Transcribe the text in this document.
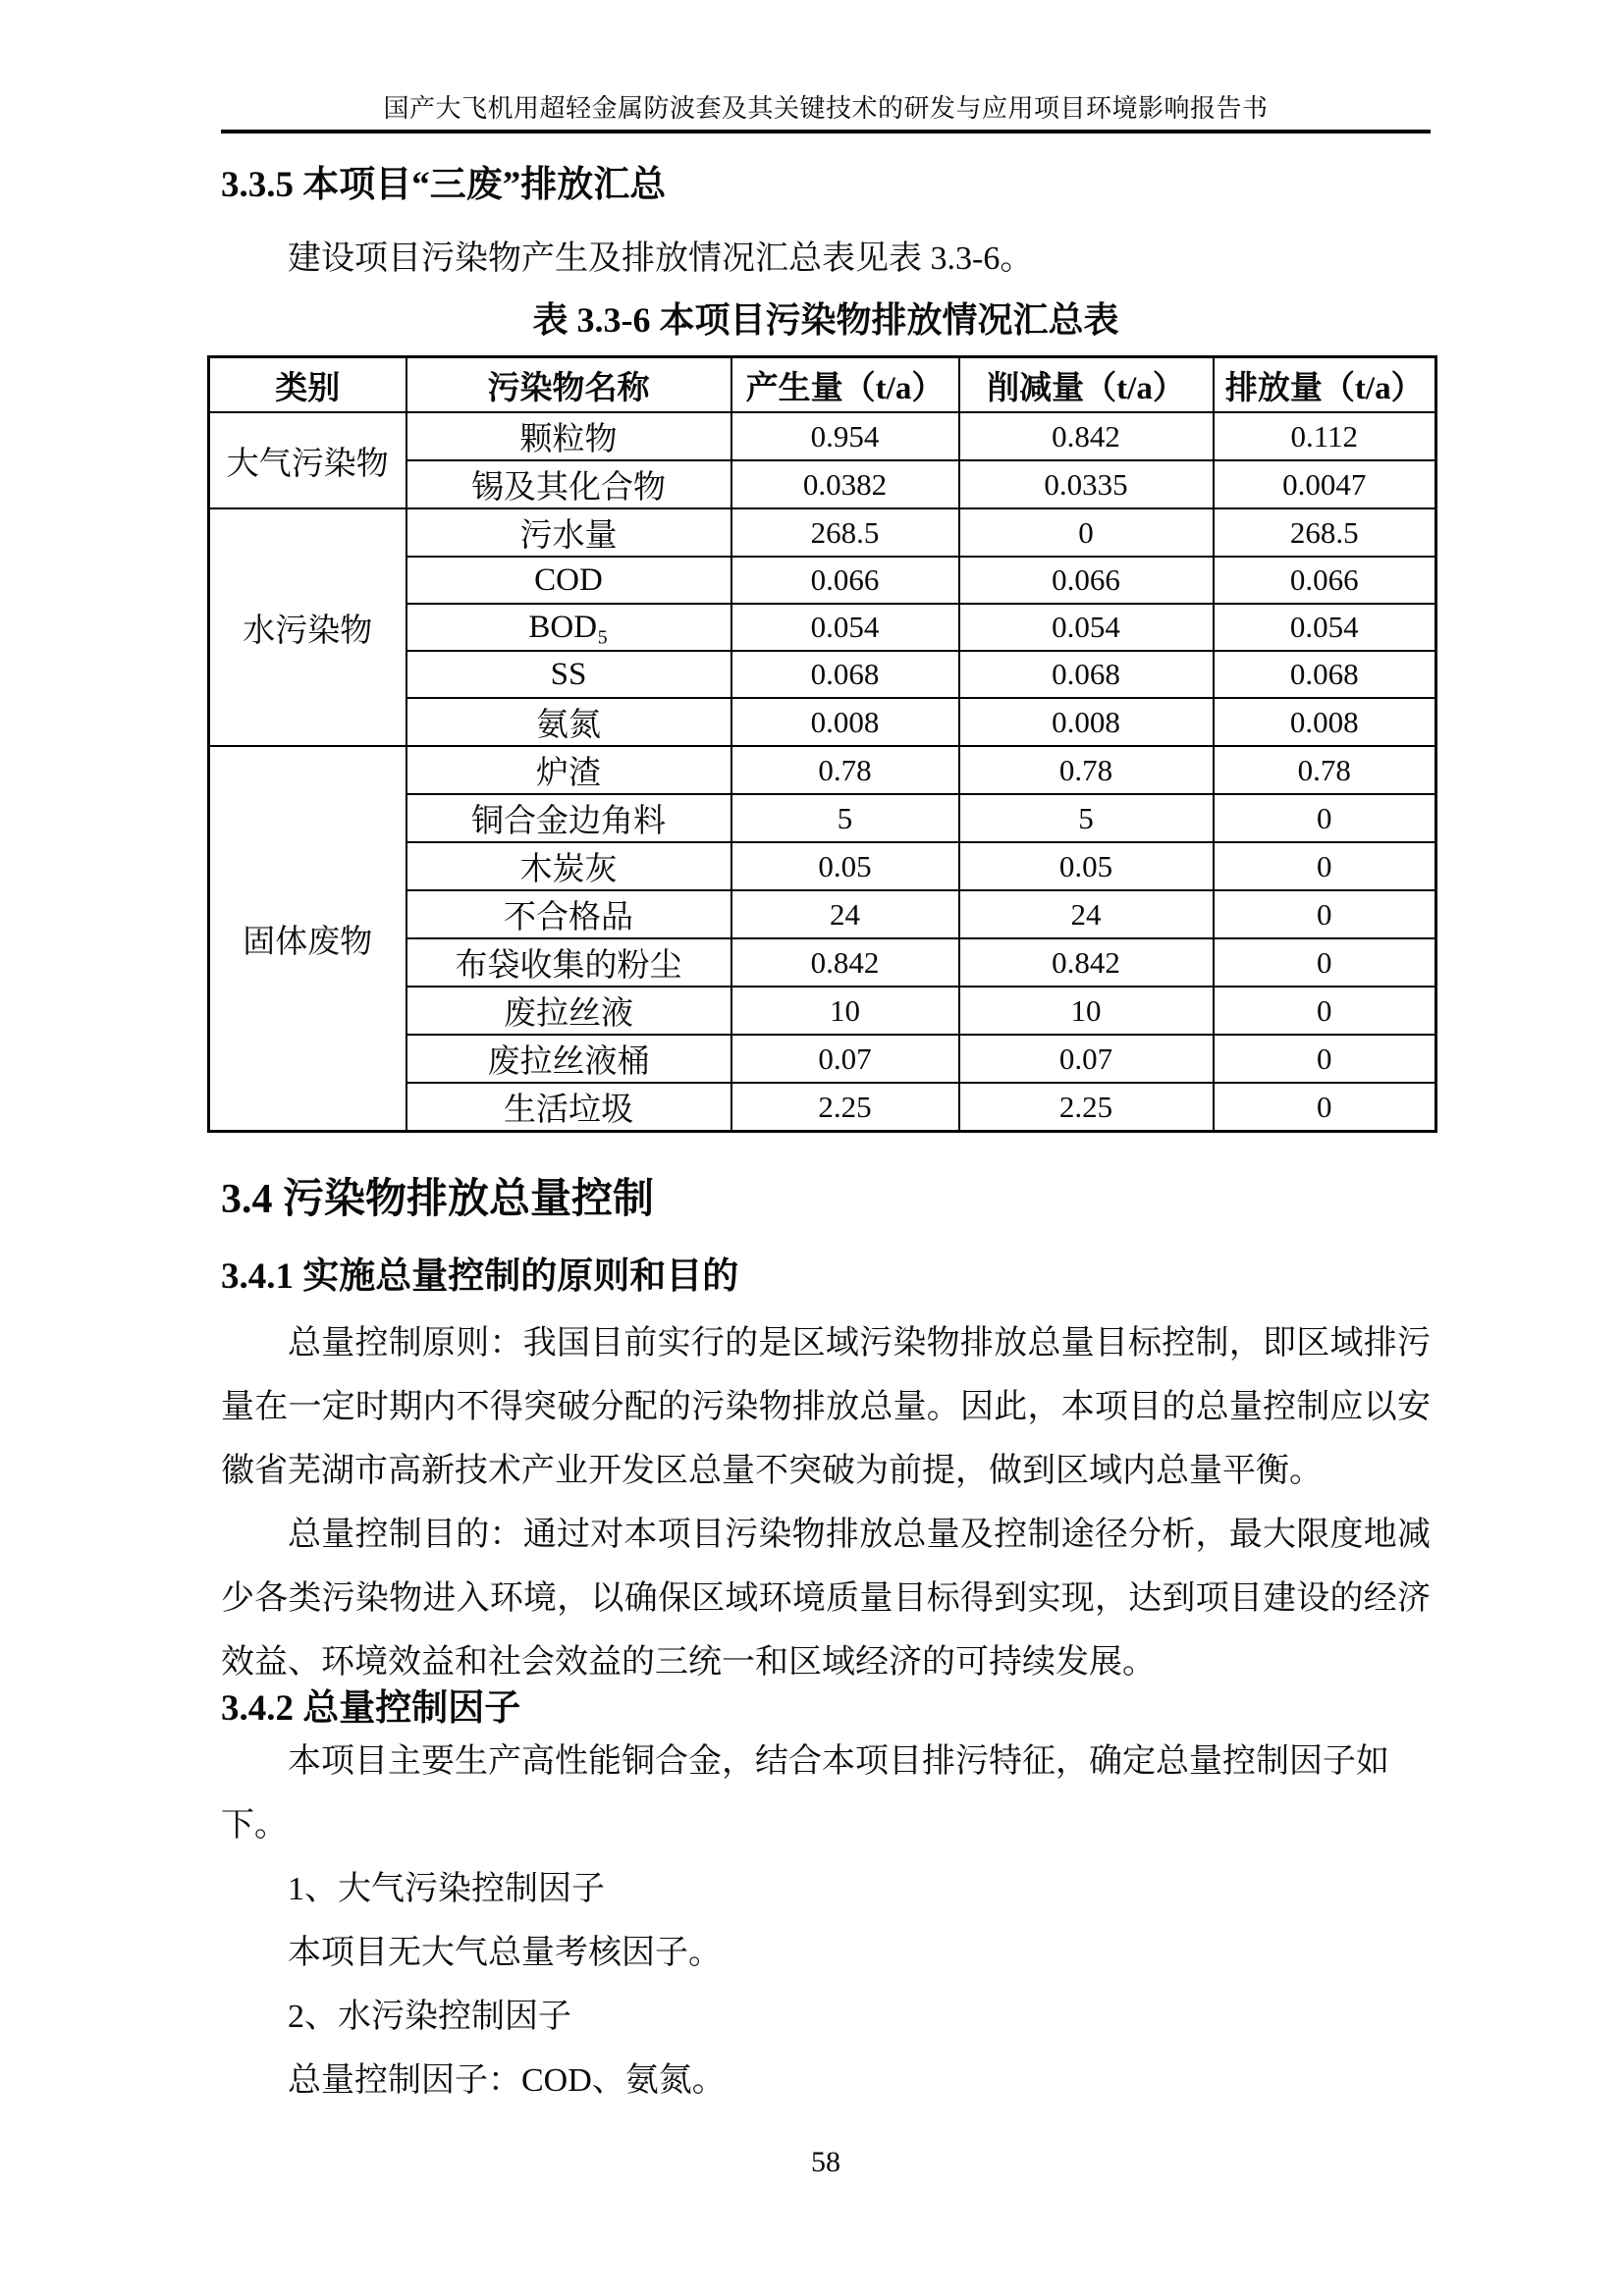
国产大飞机用超轻金属防波套及其关键技术的研发与应用项目环境影响报告书
3.3.5 本项目“三废”排放汇总

建设项目污染物产生及排放情况汇总表见表 3.3-6。

表 3.3-6 本项目污染物排放情况汇总表
类别	污染物名称	产生量（t/a）	削减量（t/a）	排放量（t/a）
大气污染物	颗粒物	0.954	0.842	0.112
	锡及其化合物	0.0382	0.0335	0.0047
水污染物	污水量	268.5	0	268.5
	COD	0.066	0.066	0.066
	BOD₅	0.054	0.054	0.054
	SS	0.068	0.068	0.068
	氨氮	0.008	0.008	0.008
固体废物	炉渣	0.78	0.78	0.78
	铜合金边角料	5	5	0
	木炭灰	0.05	0.05	0
	不合格品	24	24	0
	布袋收集的粉尘	0.842	0.842	0
	废拉丝液	10	10	0
	废拉丝液桶	0.07	0.07	0
	生活垃圾	2.25	2.25	0
3.4 污染物排放总量控制
3.4.1 实施总量控制的原则和目的

总量控制原则：我国目前实行的是区域污染物排放总量目标控制，即区域排污量在一定时期内不得突破分配的污染物排放总量。因此，本项目的总量控制应以安徽省芜湖市高新技术产业开发区总量不突破为前提，做到区域内总量平衡。

总量控制目的：通过对本项目污染物排放总量及控制途径分析，最大限度地减少各类污染物进入环境，以确保区域环境质量目标得到实现，达到项目建设的经济效益、环境效益和社会效益的三统一和区域经济的可持续发展。

3.4.2 总量控制因子

本项目主要生产高性能铜合金，结合本项目排污特征，确定总量控制因子如下。

1、大气污染控制因子

本项目无大气总量考核因子。

2、水污染控制因子

总量控制因子：COD、氨氮。

58
